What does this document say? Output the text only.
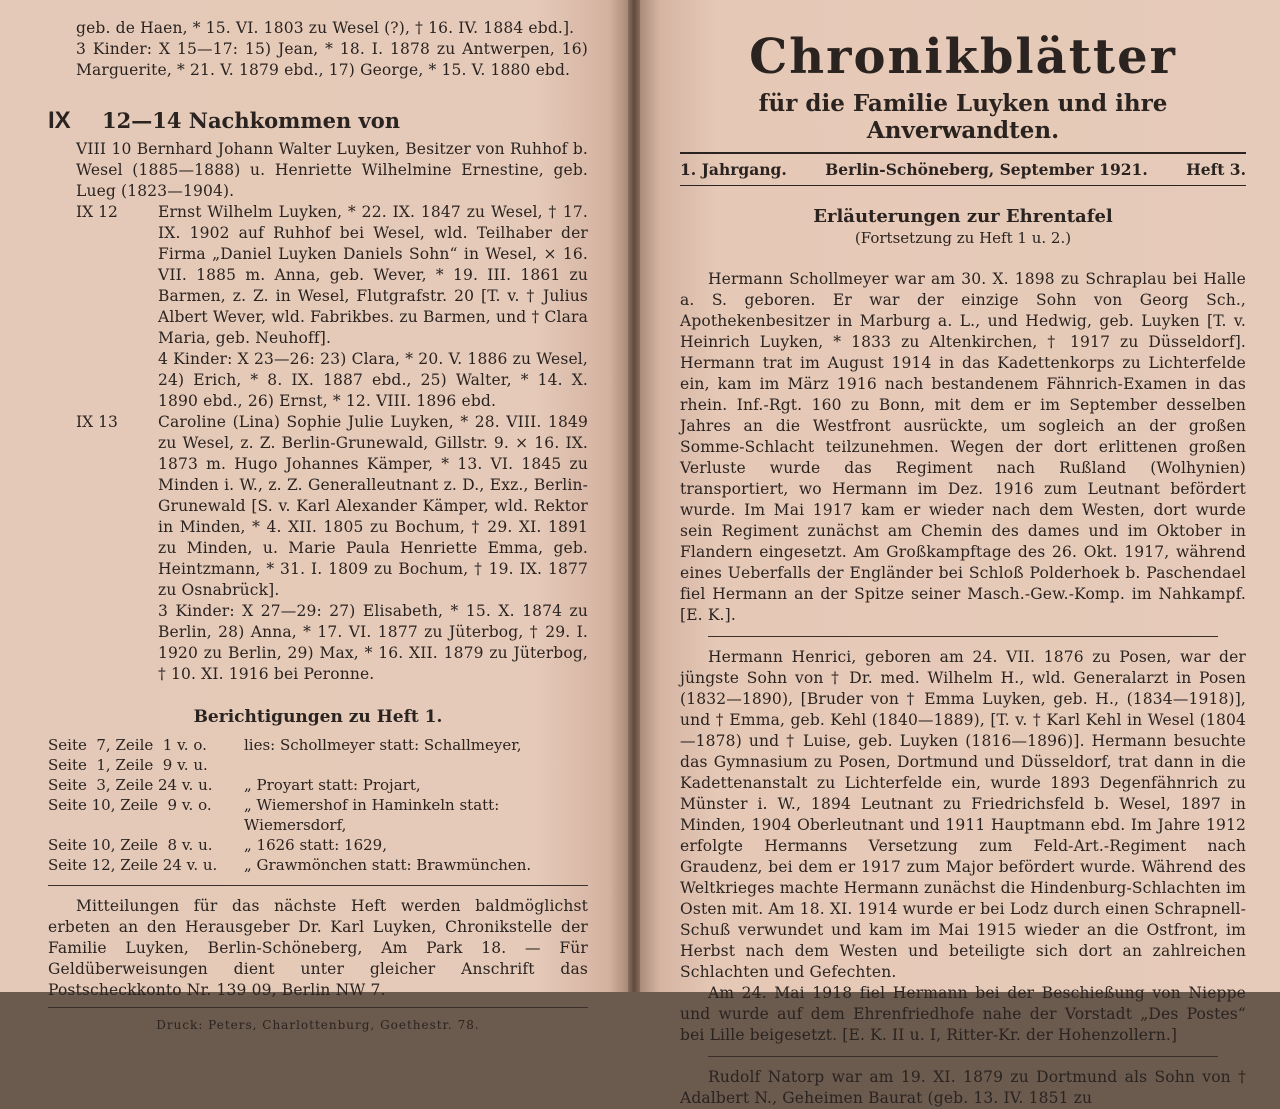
geb. de Haen, * 15. VI. 1803 zu Wesel (?), † 16. IV. 1884 ebd.].
3 Kinder: X 15—17: 15) Jean, * 18. I. 1878 zu Antwerpen, 16) Marguerite, * 21. V. 1879 ebd., 17) George, * 15. V. 1880 ebd.
IX	12—14 Nachkommen von
VIII 10 Bernhard Johann Walter Luyken, Besitzer von Ruhhof b. Wesel (1885—1888) u. Henriette Wilhelmine Ernestine, geb. Lueg (1823—1904).
IX 12	Ernst Wilhelm Luyken, * 22. IX. 1847 zu Wesel, † 17. IX. 1902 auf Ruhhof bei Wesel, wld. Teilhaber der Firma „Daniel Luyken Daniels Sohn“ in Wesel, × 16. VII. 1885 m. Anna, geb. Wever, * 19. III. 1861 zu Barmen, z. Z. in Wesel, Flutgrafstr. 20 [T. v. † Julius Albert Wever, wld. Fabrikbes. zu Barmen, und † Clara Maria, geb. Neuhoff].
4 Kinder: X 23—26: 23) Clara, * 20. V. 1886 zu Wesel, 24) Erich, * 8. IX. 1887 ebd., 25) Walter, * 14. X. 1890 ebd., 26) Ernst, * 12. VIII. 1896 ebd.
IX 13	Caroline (Lina) Sophie Julie Luyken, * 28. VIII. 1849 zu Wesel, z. Z. Berlin-Grunewald, Gillstr. 9. × 16. IX. 1873 m. Hugo Johannes Kämper, * 13. VI. 1845 zu Minden i. W., z. Z. Generalleutnant z. D., Exz., Berlin-Grunewald [S. v. Karl Alexander Kämper, wld. Rektor in Minden, * 4. XII. 1805 zu Bochum, † 29. XI. 1891 zu Minden, u. Marie Paula Henriette Emma, geb. Heintzmann, * 31. I. 1809 zu Bochum, † 19. IX. 1877 zu Osnabrück].
3 Kinder: X 27—29: 27) Elisabeth, * 15. X. 1874 zu Berlin, 28) Anna, * 17. VI. 1877 zu Jüterbog, † 29. I. 1920 zu Berlin, 29) Max, * 16. XII. 1879 zu Jüterbog, † 10. XI. 1916 bei Peronne.
Berichtigungen zu Heft 1.
Seite  7, Zeile  1 v. o.	lies: Schollmeyer statt: Schallmeyer,
Seite  1, Zeile  9 v. u.
Seite  3, Zeile 24 v. u.	„ Proyart statt: Projart,
Seite 10, Zeile  9 v. o.	„ Wiemershof in Haminkeln statt: Wiemersdorf,
Seite 10, Zeile  8 v. u.	„ 1626 statt: 1629,
Seite 12, Zeile 24 v. u.	„ Grawmönchen statt: Brawmünchen.
Mitteilungen für das nächste Heft werden baldmöglichst erbeten an den Herausgeber Dr. Karl Luyken, Chronikstelle der Familie Luyken, Berlin-Schöneberg, Am Park 18. — Für Geldüberweisungen dient unter gleicher Anschrift das Postscheckkonto Nr. 139 09, Berlin NW 7.
Druck: Peters, Charlottenburg, Goethestr. 78.
Chronikblätter
für die Familie Luyken und ihre Anverwandten.
1. Jahrgang. Berlin-Schöneberg, September 1921. Heft 3.
Erläuterungen zur Ehrentafel
(Fortsetzung zu Heft 1 u. 2.)
Hermann Schollmeyer war am 30. X. 1898 zu Schraplau bei Halle a. S. geboren. Er war der einzige Sohn von Georg Sch., Apothekenbesitzer in Marburg a. L., und Hedwig, geb. Luyken [T. v. Heinrich Luyken, * 1833 zu Altenkirchen, † 1917 zu Düsseldorf]. Hermann trat im August 1914 in das Kadettenkorps zu Lichterfelde ein, kam im März 1916 nach bestandenem Fähnrich-Examen in das rhein. Inf.-Rgt. 160 zu Bonn, mit dem er im September desselben Jahres an die Westfront ausrückte, um sogleich an der großen Somme-Schlacht teilzunehmen. Wegen der dort erlittenen großen Verluste wurde das Regiment nach Rußland (Wolhynien) transportiert, wo Hermann im Dez. 1916 zum Leutnant befördert wurde. Im Mai 1917 kam er wieder nach dem Westen, dort wurde sein Regiment zunächst am Chemin des dames und im Oktober in Flandern eingesetzt. Am Großkampftage des 26. Okt. 1917, während eines Ueberfalls der Engländer bei Schloß Polderhoek b. Paschendael fiel Hermann an der Spitze seiner Masch.-Gew.-Komp. im Nahkampf. [E. K.].
Hermann Henrici, geboren am 24. VII. 1876 zu Posen, war der jüngste Sohn von † Dr. med. Wilhelm H., wld. Generalarzt in Posen (1832—1890), [Bruder von † Emma Luyken, geb. H., (1834—1918)], und † Emma, geb. Kehl (1840—1889), [T. v. † Karl Kehl in Wesel (1804—1878) und † Luise, geb. Luyken (1816—1896)]. Hermann besuchte das Gymnasium zu Posen, Dortmund und Düsseldorf, trat dann in die Kadettenanstalt zu Lichterfelde ein, wurde 1893 Degenfähnrich zu Münster i. W., 1894 Leutnant zu Friedrichsfeld b. Wesel, 1897 in Minden, 1904 Oberleutnant und 1911 Hauptmann ebd. Im Jahre 1912 erfolgte Hermanns Versetzung zum Feld-Art.-Regiment nach Graudenz, bei dem er 1917 zum Major befördert wurde. Während des Weltkrieges machte Hermann zunächst die Hindenburg-Schlachten im Osten mit. Am 18. XI. 1914 wurde er bei Lodz durch einen Schrapnell-Schuß verwundet und kam im Mai 1915 wieder an die Ostfront, im Herbst nach dem Westen und beteiligte sich dort an zahlreichen Schlachten und Gefechten.
Am 24. Mai 1918 fiel Hermann bei der Beschießung von Nieppe und wurde auf dem Ehrenfriedhofe nahe der Vorstadt „Des Postes“ bei Lille beigesetzt. [E. K. II u. I, Ritter-Kr. der Hohenzollern.]
Rudolf Natorp war am 19. XI. 1879 zu Dortmund als Sohn von † Adalbert N., Geheimen Baurat (geb. 13. IV. 1851 zu
